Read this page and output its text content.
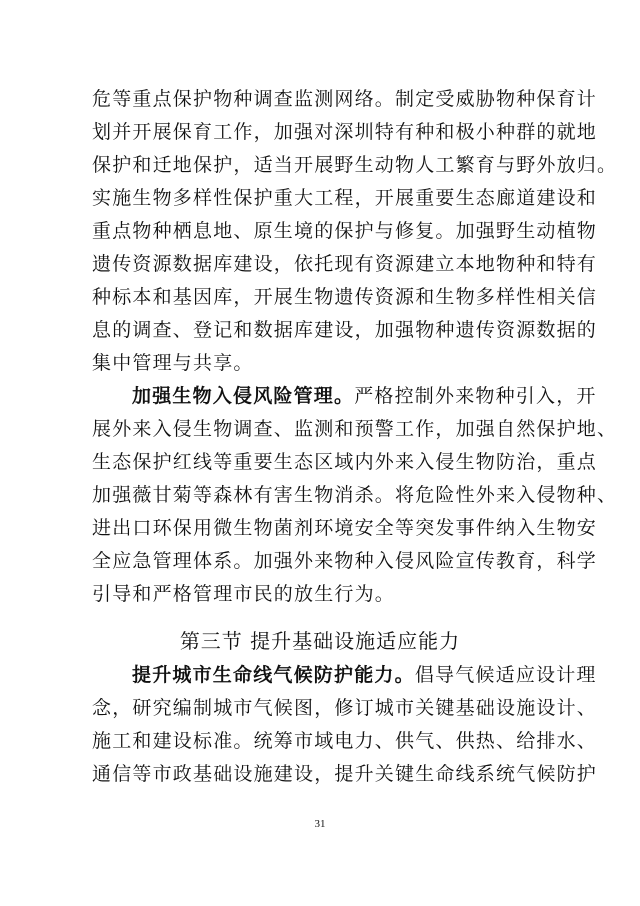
危等重点保护物种调查监测网络。制定受威胁物种保育计
划并开展保育工作，加强对深圳特有种和极小种群的就地
保护和迁地保护，适当开展野生动物人工繁育与野外放归。
实施生物多样性保护重大工程，开展重要生态廊道建设和
重点物种栖息地、原生境的保护与修复。加强野生动植物
遗传资源数据库建设，依托现有资源建立本地物种和特有
种标本和基因库，开展生物遗传资源和生物多样性相关信
息的调查、登记和数据库建设，加强物种遗传资源数据的
集中管理与共享。
加强生物入侵风险管理。严格控制外来物种引入，开
展外来入侵生物调查、监测和预警工作，加强自然保护地、
生态保护红线等重要生态区域内外来入侵生物防治，重点
加强薇甘菊等森林有害生物消杀。将危险性外来入侵物种、
进出口环保用微生物菌剂环境安全等突发事件纳入生物安
全应急管理体系。加强外来物种入侵风险宣传教育，科学
引导和严格管理市民的放生行为。
第三节 提升基础设施适应能力
提升城市生命线气候防护能力。倡导气候适应设计理
念，研究编制城市气候图，修订城市关键基础设施设计、
施工和建设标准。统筹市域电力、供气、供热、给排水、
通信等市政基础设施建设，提升关键生命线系统气候防护
31
